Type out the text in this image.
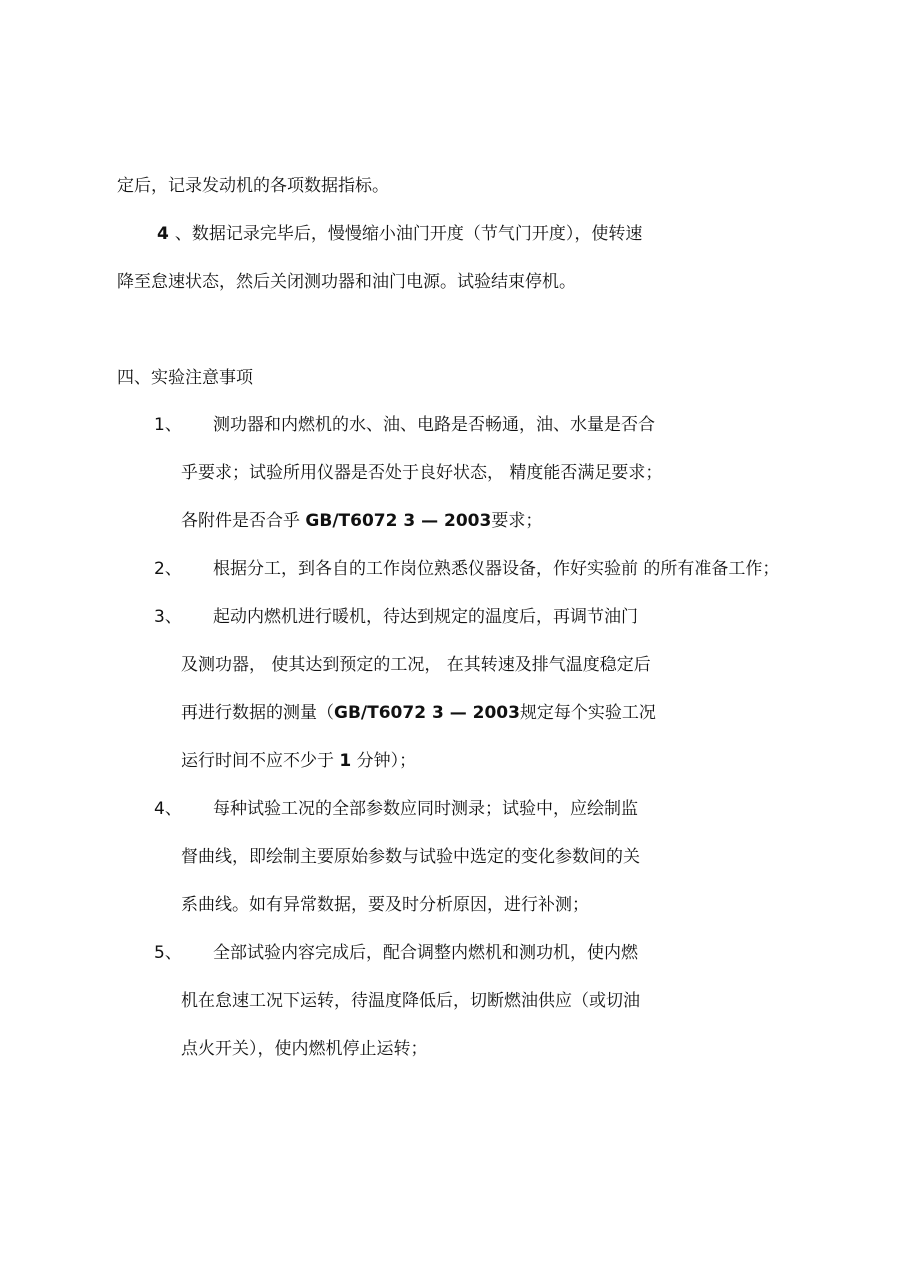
定后，记录发动机的各项数据指标。
4 、数据记录完毕后，慢慢缩小油门开度（节气门开度），使转速
降至怠速状态，然后关闭测功器和油门电源。试验结束停机。
四、实验注意事项
1、 测功器和内燃机的水、油、电路是否畅通，油、水量是否合
乎要求；试验所用仪器是否处于良好状态， 精度能否满足要求；
各附件是否合乎 GB/T6072 3 — 2003要求；
2、 根据分工，到各自的工作岗位熟悉仪器设备，作好实验前 的所有准备工作；
3、 起动内燃机进行暖机，待达到规定的温度后，再调节油门
及测功器， 使其达到预定的工况， 在其转速及排气温度稳定后
再进行数据的测量（GB/T6072 3 — 2003规定每个实验工况
运行时间不应不少于 1 分钟）；
4、 每种试验工况的全部参数应同时测录；试验中，应绘制监
督曲线，即绘制主要原始参数与试验中选定的变化参数间的关
系曲线。如有异常数据，要及时分析原因，进行补测；
5、 全部试验内容完成后，配合调整内燃机和测功机，使内燃
机在怠速工况下运转，待温度降低后，切断燃油供应（或切油
点火开关），使内燃机停止运转；
